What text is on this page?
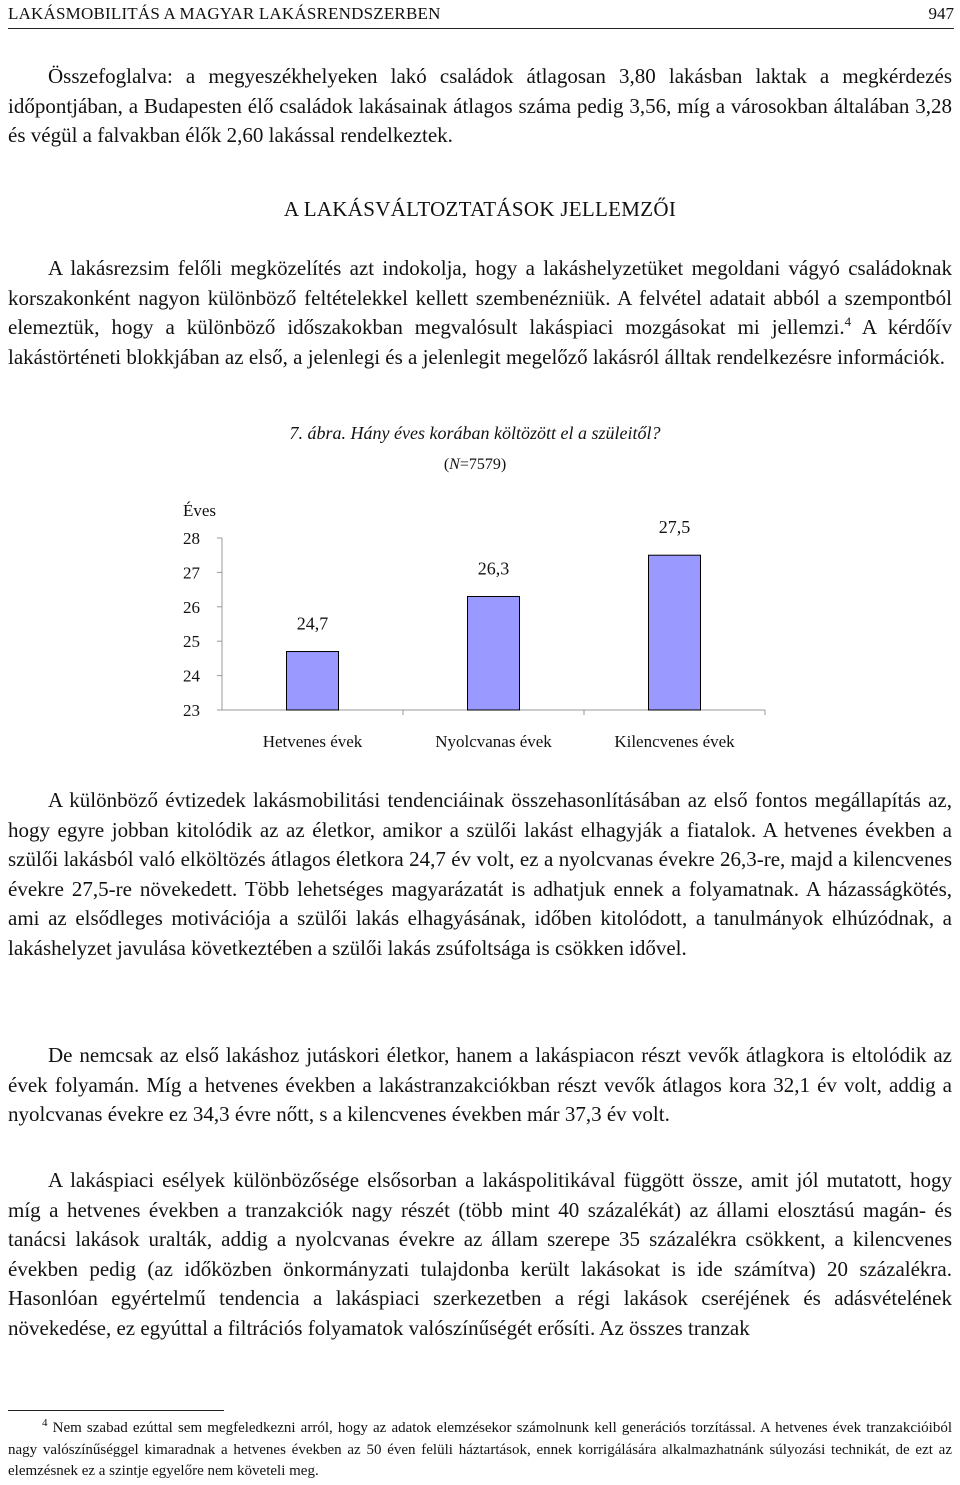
LAKÁSMOBILITÁS A MAGYAR LAKÁSRENDSZERBEN	947

Összefoglalva: a megyeszékhelyeken lakó családok átlagosan 3,80 lakásban laktak a megkérdezés időpontjában, a Budapesten élő családok lakásainak átlagos száma pedig 3,56, míg a városokban általában 3,28 és végül a falvakban élők 2,60 lakással rendelkeztek.

A LAKÁSVÁLTOZTATÁSOK JELLEMZŐI

A lakásrezsim felőli megközelítés azt indokolja, hogy a lakáshelyzetüket megoldani vágyó családoknak korszakonként nagyon különböző feltételekkel kellett szembenézniük. A felvétel adatait abból a szempontból elemeztük, hogy a különböző időszakokban megvalósult lakáspiaci mozgásokat mi jellemzi.$^4$ A kérdőív lakástörténeti blokkjában az első, a jelenlegi és a jelenlegit megelőző lakásról álltak rendelkezésre információk.

7. ábra. Hány éves korában költözött el a szüleitől?
(N=7579)
Éves
23
24
25
26
27
28
24,7
Hetvenes évek
26,3
Nyolcvanas évek
27,5
Kilencvenes évek

A különböző évtizedek lakásmobilitási tendenciáinak összehasonlításában az első fontos megállapítás az, hogy egyre jobban kitolódik az az életkor, amikor a szülői lakást elhagyják a fiatalok. A hetvenes években a szülői lakásból való elköltözés átlagos életkora 24,7 év volt, ez a nyolcvanas évekre 26,3-re, majd a kilencvenes évekre 27,5-re növekedett. Több lehetséges magyarázatát is adhatjuk ennek a folyamatnak. A házasságkötés, ami az elsődleges motivációja a szülői lakás elhagyásának, időben kitolódott, a tanulmányok elhúzódnak, a lakáshelyzet javulása következtében a szülői lakás zsúfoltsága is csökken idővel.

De nemcsak az első lakáshoz jutáskori életkor, hanem a lakáspiacon részt vevők átlagkora is eltolódik az évek folyamán. Míg a hetvenes években a lakástranzakciókban részt vevők átlagos kora 32,1 év volt, addig a nyolcvanas évekre ez 34,3 évre nőtt, s a kilencvenes években már 37,3 év volt.

A lakáspiaci esélyek különbözősége elsősorban a lakáspolitikával függött össze, amit jól mutatott, hogy míg a hetvenes években a tranzakciók nagy részét (több mint 40 százalékát) az állami elosztású magán- és tanácsi lakások uralták, addig a nyolcvanas évekre az állam szerepe 35 százalékra csökkent, a kilencvenes években pedig (az időközben önkormányzati tulajdonba került lakásokat is ide számítva) 20 százalékra. Hasonlóan egyértelmű tendencia a lakáspiaci szerkezetben a régi lakások cseréjének és adásvételének növekedése, ez egyúttal a filtrációs folyamatok valószínűségét erősíti. Az összes tranzak

$^4$ Nem szabad ezúttal sem megfeledkezni arról, hogy az adatok elemzésekor számolnunk kell generációs torzítással. A hetvenes évek tranzakcióiból nagy valószínűséggel kimaradnak a hetvenes években az 50 éven felüli háztartások, ennek korrigálására alkalmazhatnánk súlyozási technikát, de ezt az elemzésnek ez a szintje egyelőre nem követeli meg.
